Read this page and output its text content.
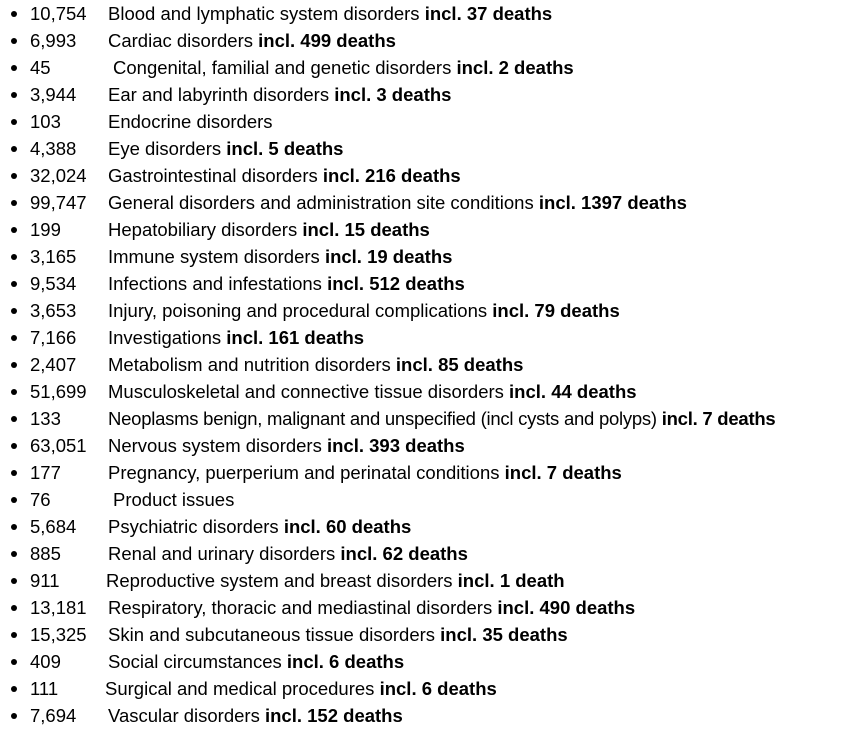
10,754 Blood and lymphatic system disorders incl. 37 deaths
6,993 Cardiac disorders incl. 499 deaths
45	Congenital, familial and genetic disorders incl. 2 deaths
3,944 Ear and labyrinth disorders incl. 3 deaths
103	Endocrine disorders
4,388 Eye disorders incl. 5 deaths
32,024 Gastrointestinal disorders incl. 216 deaths
99,747 General disorders and administration site conditions incl. 1397 deaths
199	Hepatobiliary disorders incl. 15 deaths
3,165 Immune system disorders incl. 19 deaths
9,534 Infections and infestations incl. 512 deaths
3,653 Injury, poisoning and procedural complications incl. 79 deaths
7,166 Investigations incl. 161 deaths
2,407 Metabolism and nutrition disorders incl. 85 deaths
51,699 Musculoskeletal and connective tissue disorders incl. 44 deaths
133	Neoplasms benign, malignant and unspecified (incl cysts and polyps) incl. 7 deaths
63,051 Nervous system disorders incl. 393 deaths
177	Pregnancy, puerperium and perinatal conditions incl. 7 deaths
76	Product issues
5,684 Psychiatric disorders incl. 60 deaths
885	Renal and urinary disorders incl. 62 deaths
911	Reproductive system and breast disorders incl. 1 death
13,181 Respiratory, thoracic and mediastinal disorders incl. 490 deaths
15,325 Skin and subcutaneous tissue disorders incl. 35 deaths
409	Social circumstances incl. 6 deaths
111	Surgical and medical procedures incl. 6 deaths
7,694 Vascular disorders incl. 152 deaths
